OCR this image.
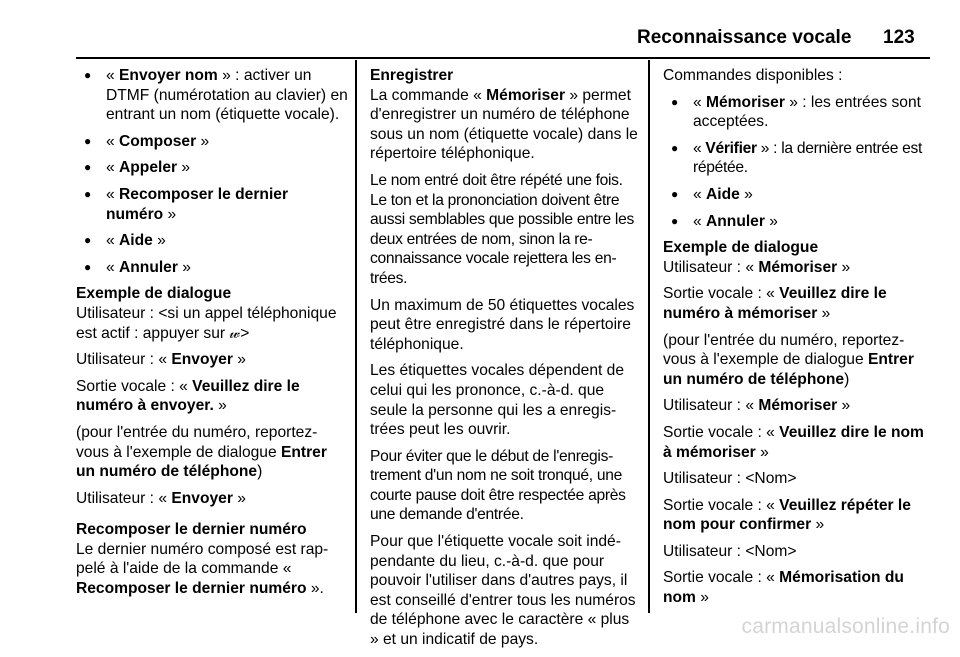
Reconnaissance vocale 123
● « Envoyer nom » : activer un DTMF (numérotation au clavier) en entrant un nom (étiquette vocale).
● « Composer »
● « Appeler »
● « Recomposer le dernier numéro »
● « Aide »
● « Annuler »
Exemple de dialogue

Utilisateur : <si un appel téléphonique est actif : appuyer sur 𝓌>

Utilisateur : « Envoyer »

Sortie vocale : « Veuillez dire le numéro à envoyer. »

(pour l'entrée du numéro, reportez-vous à l'exemple de dialogue Entrer un numéro de téléphone)

Utilisateur : « Envoyer »

Recomposer le dernier numéro

Le dernier numéro composé est rappelé à l'aide de la commande « Recomposer le dernier numéro ».

Enregistrer

La commande « Mémoriser » permet d'enregistrer un numéro de téléphone sous un nom (étiquette vocale) dans le répertoire téléphonique.

Le nom entré doit être répété une fois. Le ton et la prononciation doivent être aussi semblables que possible entre les deux entrées de nom, sinon la reconnaissance vocale rejettera les entrées.

Un maximum de 50 étiquettes vocales peut être enregistré dans le répertoire téléphonique.

Les étiquettes vocales dépendent de celui qui les prononce, c.-à-d. que seule la personne qui les a enregistrées peut les ouvrir.

Pour éviter que le début de l'enregistrement d'un nom ne soit tronqué, une courte pause doit être respectée après une demande d'entrée.

Pour que l'étiquette vocale soit indépendante du lieu, c.-à-d. que pour pouvoir l'utiliser dans d'autres pays, il est conseillé d'entrer tous les numéros de téléphone avec le caractère « plus » et un indicatif de pays.

Commandes disponibles :

● « Mémoriser » : les entrées sont acceptées.
● « Vérifier » : la dernière entrée est répétée.
● « Aide »
● « Annuler »
Exemple de dialogue

Utilisateur : « Mémoriser »

Sortie vocale : « Veuillez dire le numéro à mémoriser »

(pour l'entrée du numéro, reportez-vous à l'exemple de dialogue Entrer un numéro de téléphone)

Utilisateur : « Mémoriser »

Sortie vocale : « Veuillez dire le nom à mémoriser »

Utilisateur : <Nom>

Sortie vocale : « Veuillez répéter le nom pour confirmer »

Utilisateur : <Nom>

Sortie vocale : « Mémorisation du nom »

carmanualsonline.info
